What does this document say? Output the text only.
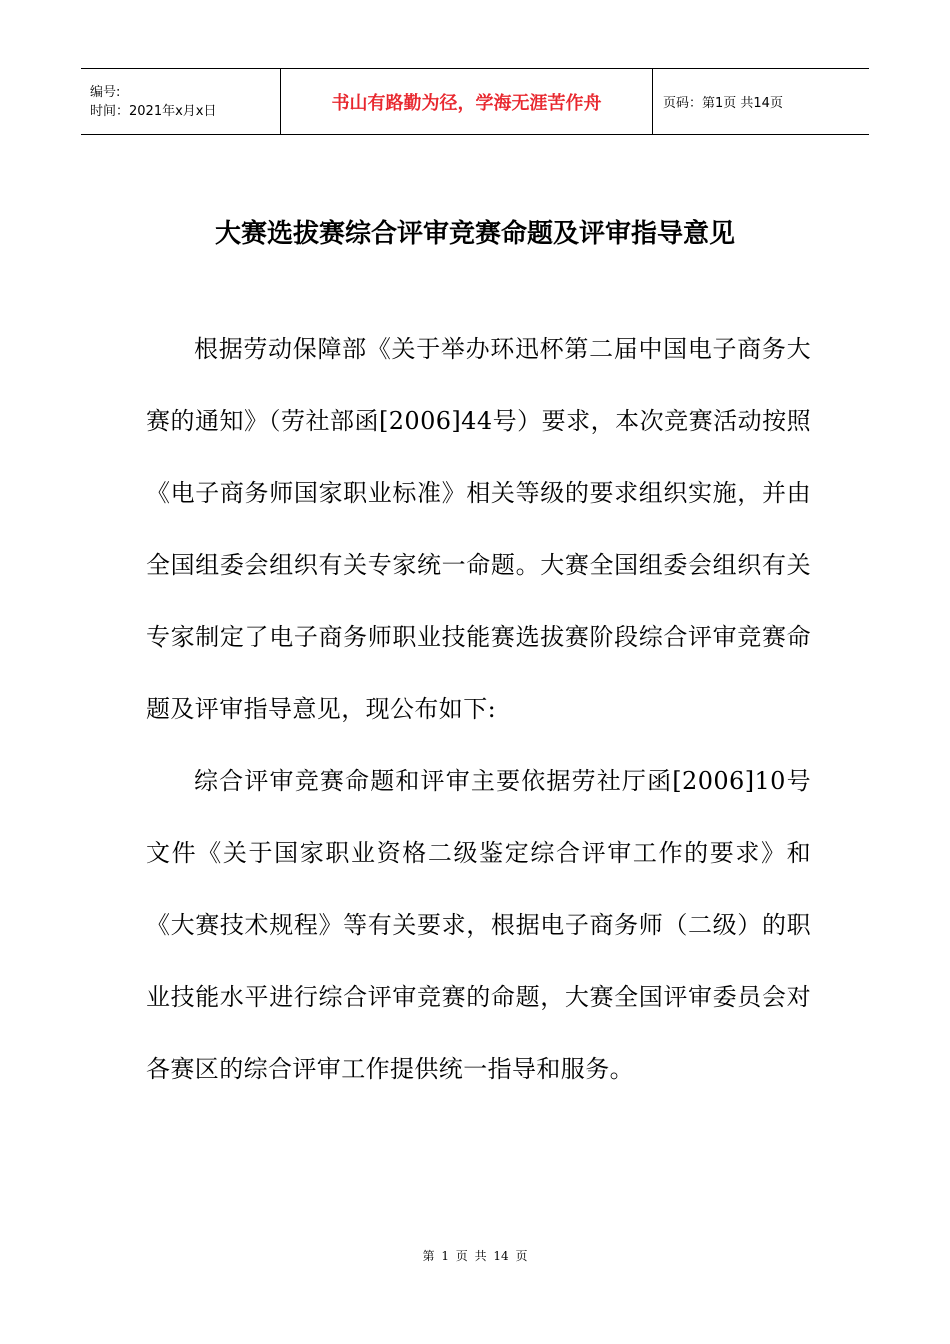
编号:
时间：2021年x月x日	书山有路勤为径，学海无涯苦作舟	页码：第1页 共14页
大赛选拔赛综合评审竞赛命题及评审指导意见

根据劳动保障部《关于举办环迅杯第二届中国电子商务大赛的通知》（劳社部函[2006]44号）要求，本次竞赛活动按照《电子商务师国家职业标准》相关等级的要求组织实施，并由全国组委会组织有关专家统一命题。大赛全国组委会组织有关专家制定了电子商务师职业技能赛选拔赛阶段综合评审竞赛命题及评审指导意见，现公布如下:

综合评审竞赛命题和评审主要依据劳社厅函[2006]10号文件《关于国家职业资格二级鉴定综合评审工作的要求》和《大赛技术规程》等有关要求，根据电子商务师（二级）的职业技能水平进行综合评审竞赛的命题，大赛全国评审委员会对各赛区的综合评审工作提供统一指导和服务。

第 1 页 共 14 页
